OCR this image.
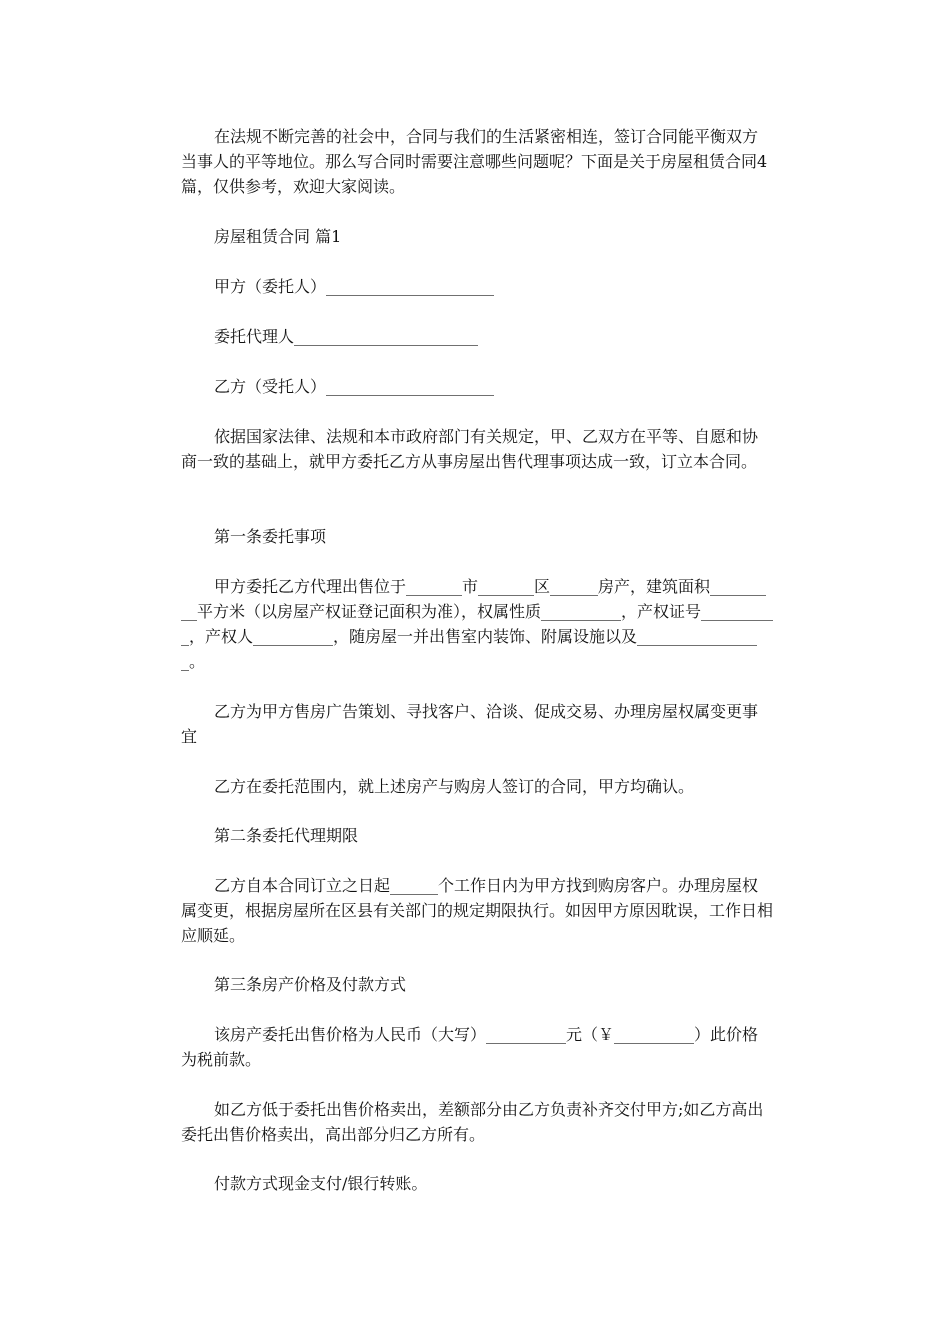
在法规不断完善的社会中，合同与我们的生活紧密相连，签订合同能平衡双方当事人的平等地位。那么写合同时需要注意哪些问题呢？下面是关于房屋租赁合同4篇，仅供参考，欢迎大家阅读。

房屋租赁合同 篇1

甲方（委托人）_____________________

委托代理人_______________________

乙方（受托人）_____________________

依据国家法律、法规和本市政府部门有关规定，甲、乙双方在平等、自愿和协商一致的基础上，就甲方委托乙方从事房屋出售代理事项达成一致，订立本合同。

第一条委托事项

甲方委托乙方代理出售位于_______市_______区______房产，建筑面积_________平方米（以房屋产权证登记面积为准），权属性质__________，产权证号__________，产权人__________，随房屋一并出售室内装饰、附属设施以及________________。

乙方为甲方售房广告策划、寻找客户、洽谈、促成交易、办理房屋权属变更事宜

乙方在委托范围内，就上述房产与购房人签订的合同，甲方均确认。

第二条委托代理期限

乙方自本合同订立之日起______个工作日内为甲方找到购房客户。办理房屋权属变更，根据房屋所在区县有关部门的规定期限执行。如因甲方原因耽误，工作日相应顺延。

第三条房产价格及付款方式

该房产委托出售价格为人民币（大写）__________元（￥__________）此价格为税前款。

如乙方低于委托出售价格卖出，差额部分由乙方负责补齐交付甲方;如乙方高出委托出售价格卖出，高出部分归乙方所有。

付款方式现金支付/银行转账。
